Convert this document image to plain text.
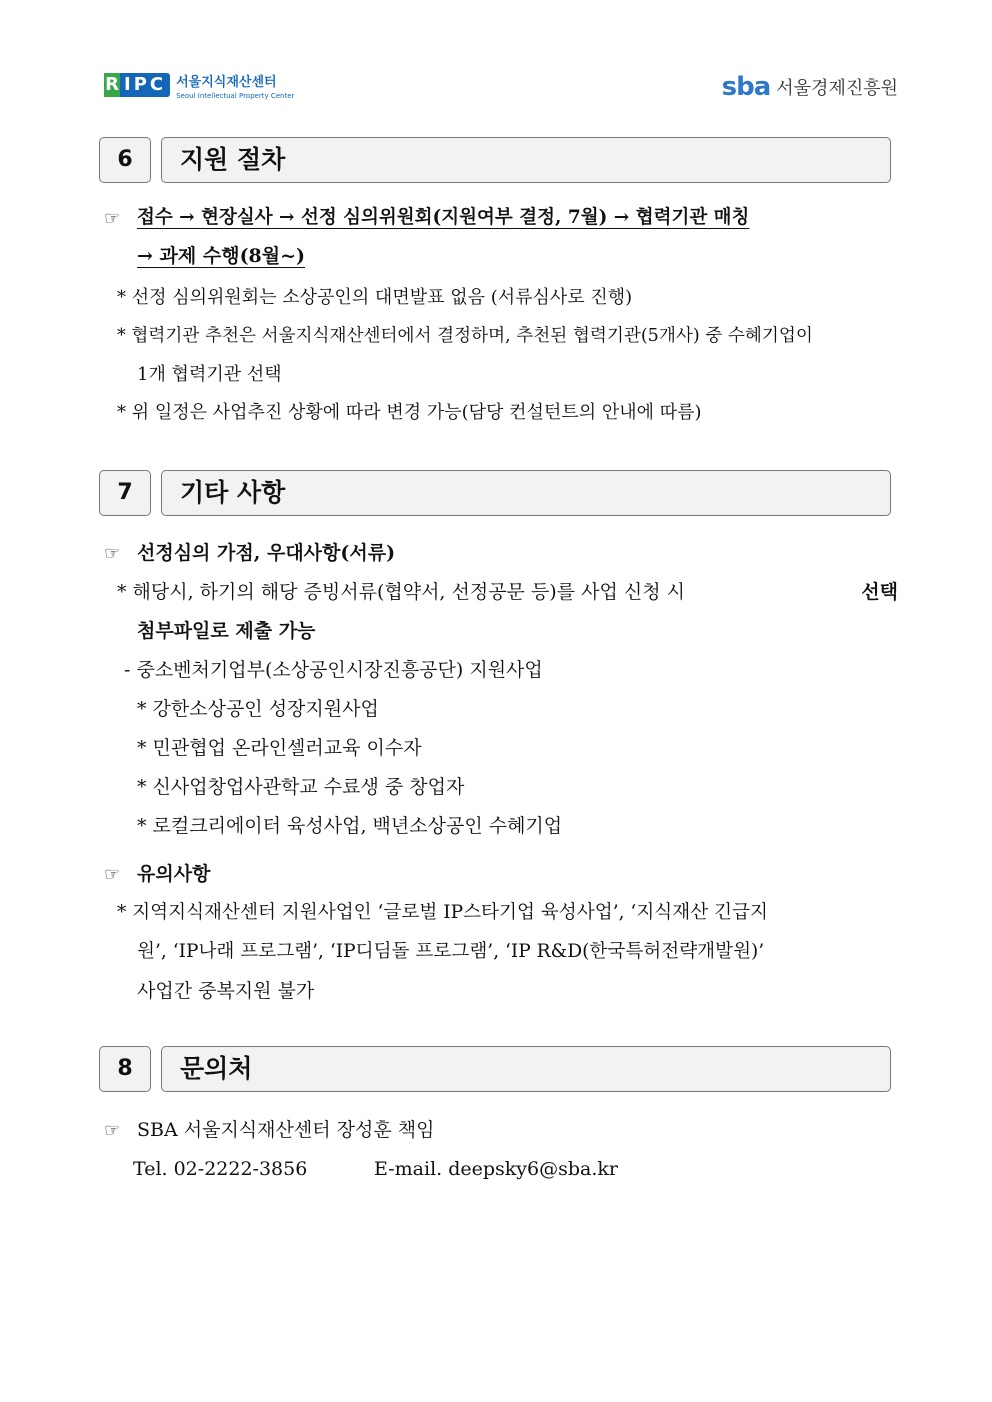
R IPC 서울지식재산센터
Seoul Intellectual Property Center	sba 서울경제진흥원
6	지원 절차
☞ 접수 → 현장실사 → 선정 심의위원회(지원여부 결정, 7월) → 협력기관 매칭
→ 과제 수행(8월~)
* 선정 심의위원회는 소상공인의 대면발표 없음 (서류심사로 진행)
* 협력기관 추천은 서울지식재산센터에서 결정하며, 추천된 협력기관(5개사) 중 수혜기업이
1개 협력기관 선택
* 위 일정은 사업추진 상황에 따라 변경 가능(담당 컨설턴트의 안내에 따름)
7	기타 사항
☞ 선정심의 가점, 우대사항(서류)
* 해당시, 하기의 해당 증빙서류(협약서, 선정공문 등)를 사업 신청 시	선택
첨부파일로 제출 가능
- 중소벤처기업부(소상공인시장진흥공단) 지원사업
* 강한소상공인 성장지원사업
* 민관협업 온라인셀러교육 이수자
* 신사업창업사관학교 수료생 중 창업자
* 로컬크리에이터 육성사업, 백년소상공인 수혜기업
☞ 유의사항
* 지역지식재산센터 지원사업인 ‘글로벌 IP스타기업 육성사업’, ‘지식재산 긴급지
원’, ‘IP나래 프로그램’, ‘IP디딤돌 프로그램’, ‘IP R&D(한국특허전략개발원)’
사업간 중복지원 불가
8	문의처
☞ SBA 서울지식재산센터 장성훈 책임
Tel. 02-2222-3856	E-mail. deepsky6@sba.kr
